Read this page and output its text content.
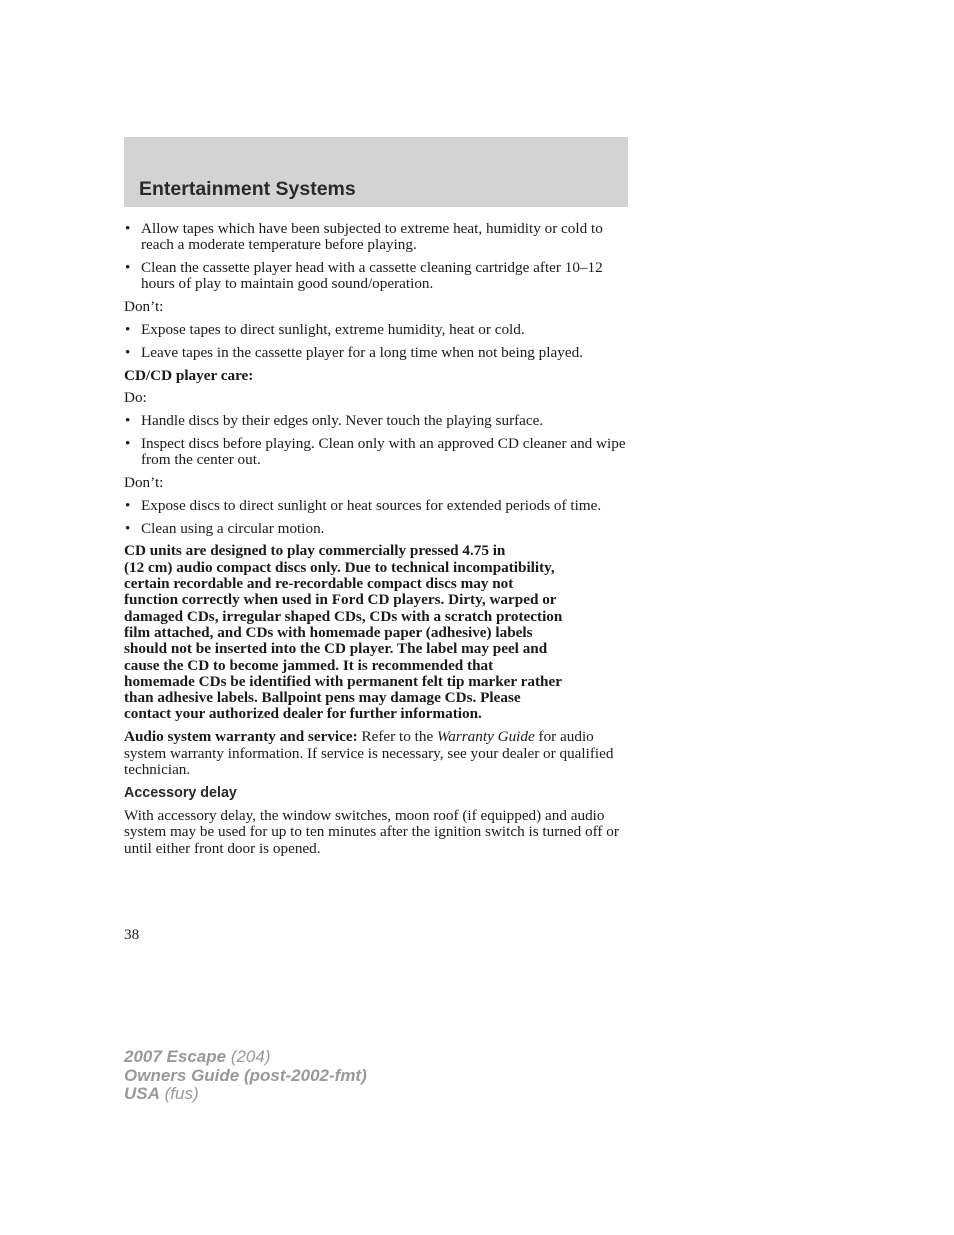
Entertainment Systems
• Allow tapes which have been subjected to extreme heat, humidity or cold to reach a moderate temperature before playing.
• Clean the cassette player head with a cassette cleaning cartridge after 10–12 hours of play to maintain good sound/operation.
Don’t:
• Expose tapes to direct sunlight, extreme humidity, heat or cold.
• Leave tapes in the cassette player for a long time when not being played.
CD/CD player care:
Do:
• Handle discs by their edges only. Never touch the playing surface.
• Inspect discs before playing. Clean only with an approved CD cleaner and wipe from the center out.
Don’t:
• Expose discs to direct sunlight or heat sources for extended periods of time.
• Clean using a circular motion.
CD units are designed to play commercially pressed 4.75 in
(12 cm) audio compact discs only. Due to technical incompatibility,
certain recordable and re-recordable compact discs may not
function correctly when used in Ford CD players. Dirty, warped or
damaged CDs, irregular shaped CDs, CDs with a scratch protection
film attached, and CDs with homemade paper (adhesive) labels
should not be inserted into the CD player. The label may peel and
cause the CD to become jammed. It is recommended that
homemade CDs be identified with permanent felt tip marker rather
than adhesive labels. Ballpoint pens may damage CDs. Please
contact your authorized dealer for further information.
Audio system warranty and service: Refer to the Warranty Guide for audio system warranty information. If service is necessary, see your dealer or qualified technician.
Accessory delay
With accessory delay, the window switches, moon roof (if equipped) and audio system may be used for up to ten minutes after the ignition switch is turned off or until either front door is opened.
38
2007 Escape (204)
Owners Guide (post-2002-fmt)
USA (fus)
